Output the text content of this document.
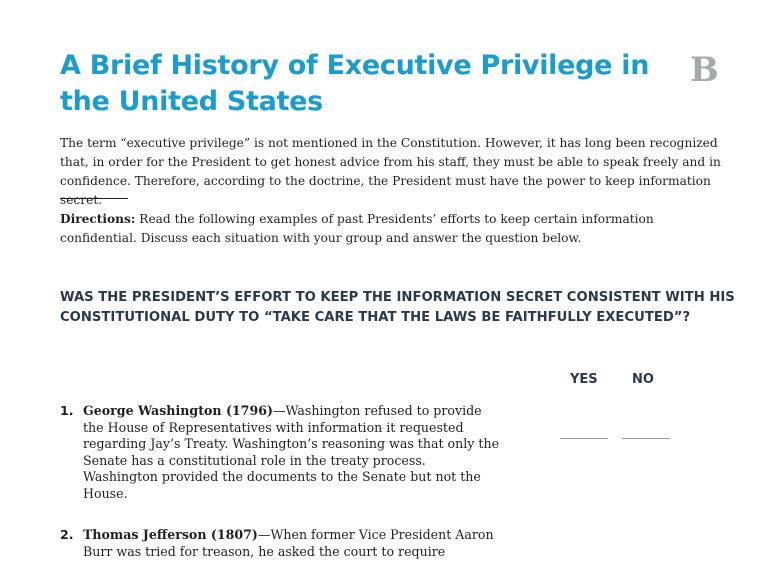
A Brief History of Executive Privilege in the United States
B

The term “executive privilege” is not mentioned in the Constitution. However, it has long been recognized that, in order for the President to get honest advice from his staff, they must be able to speak freely and in confidence. Therefore, according to the doctrine, the President must have the power to keep information secret.

Directions: Read the following examples of past Presidents’ efforts to keep certain information confidential. Discuss each situation with your group and answer the question below.

WAS THE PRESIDENT’S EFFORT TO KEEP THE INFORMATION SECRET CONSISTENT WITH HIS CONSTITUTIONAL DUTY TO “TAKE CARE THAT THE LAWS BE FAITHFULLY EXECUTED”?

YES	NO
1. George Washington (1796)—Washington refused to provide the House of Representatives with information it requested regarding Jay’s Treaty. Washington’s reasoning was that only the Senate has a constitutional role in the treaty process. Washington provided the documents to the Senate but not the House.
2. Thomas Jefferson (1807)—When former Vice President Aaron Burr was tried for treason, he asked the court to require
